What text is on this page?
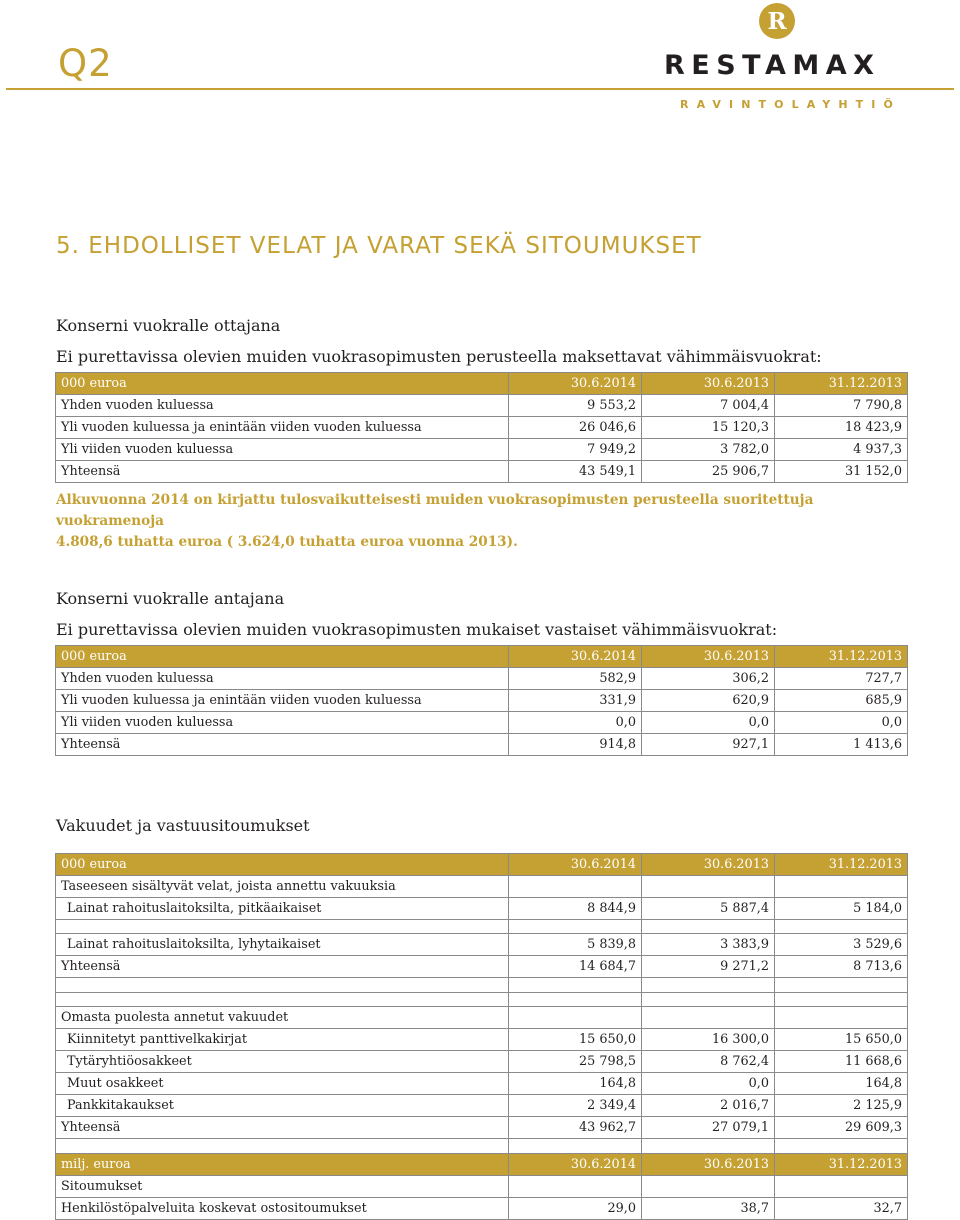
Q2
R
RESTAMAX
RAVINTOLAYHTIÖ
5. EHDOLLISET VELAT JA VARAT SEKÄ SITOUMUKSET
Konserni vuokralle ottajana
Ei purettavissa olevien muiden vuokrasopimusten perusteella maksettavat vähimmäisvuokrat:
000 euroa	30.6.2014	30.6.2013	31.12.2013
Yhden vuoden kuluessa	9 553,2	7 004,4	7 790,8
Yli vuoden kuluessa ja enintään viiden vuoden kuluessa	26 046,6	15 120,3	18 423,9
Yli viiden vuoden kuluessa	7 949,2	3 782,0	4 937,3
Yhteensä	43 549,1	25 906,7	31 152,0
Alkuvuonna 2014 on kirjattu tulosvaikutteisesti muiden vuokrasopimusten perusteella suoritettuja vuokramenoja
4.808,6 tuhatta euroa ( 3.624,0 tuhatta euroa vuonna 2013).
Konserni vuokralle antajana
Ei purettavissa olevien muiden vuokrasopimusten mukaiset vastaiset vähimmäisvuokrat:
000 euroa	30.6.2014	30.6.2013	31.12.2013
Yhden vuoden kuluessa	582,9	306,2	727,7
Yli vuoden kuluessa ja enintään viiden vuoden kuluessa	331,9	620,9	685,9
Yli viiden vuoden kuluessa	0,0	0,0	0,0
Yhteensä	914,8	927,1	1 413,6
Vakuudet ja vastuusitoumukset
000 euroa	30.6.2014	30.6.2013	31.12.2013
Taseeseen sisältyvät velat, joista annettu vakuuksia			
Lainat rahoituslaitoksilta, pitkäaikaiset	8 844,9	5 887,4	5 184,0

Lainat rahoituslaitoksilta, lyhytaikaiset	5 839,8	3 383,9	3 529,6
Yhteensä	14 684,7	9 271,2	8 713,6

Omasta puolesta annetut vakuudet			
Kiinnitetyt panttivelkakirjat	15 650,0	16 300,0	15 650,0
Tytäryhtiöosakkeet	25 798,5	8 762,4	11 668,6
Muut osakkeet	164,8	0,0	164,8
Pankkitakaukset	2 349,4	2 016,7	2 125,9
Yhteensä	43 962,7	27 079,1	29 609,3

milj. euroa	30.6.2014	30.6.2013	31.12.2013
Sitoumukset			
Henkilöstöpalveluita koskevat ostositoumukset	29,0	38,7	32,7
